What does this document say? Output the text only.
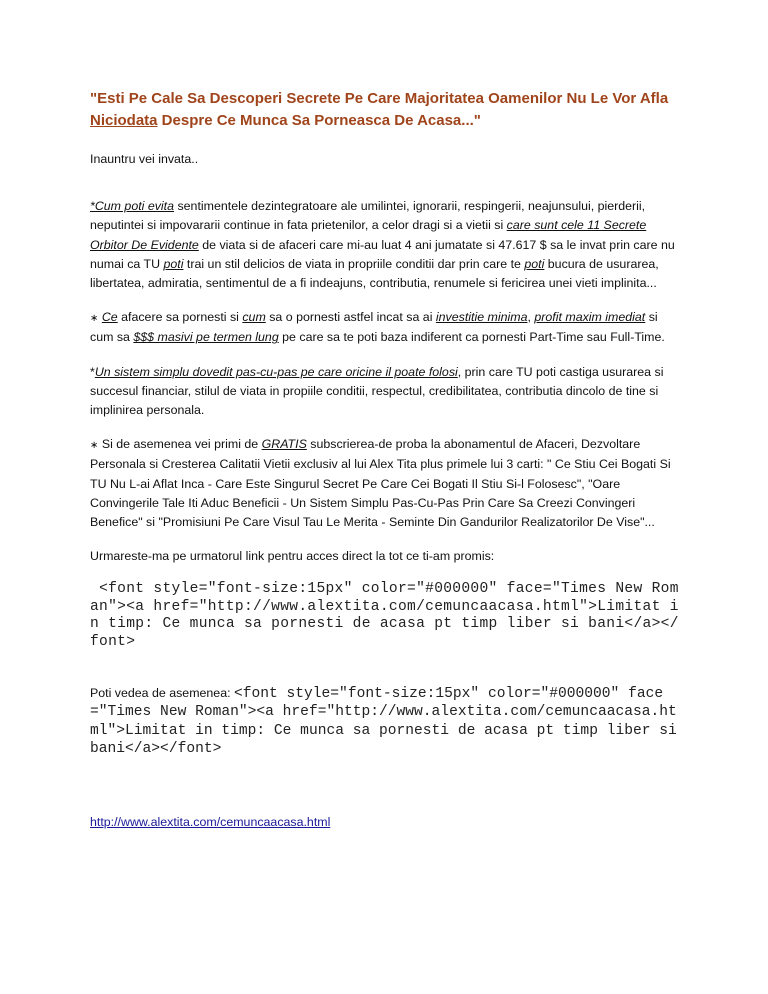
"Esti Pe Cale Sa Descoperi Secrete Pe Care Majoritatea Oamenilor Nu Le Vor Afla Niciodata Despre Ce Munca Sa Porneasca De Acasa..."

Inauntru vei invata..

*Cum poti evita sentimentele dezintegratoare ale umilintei, ignorarii, respingerii, neajunsului, pierderii, neputintei si impovararii continue in fata prietenilor, a celor dragi si a vietii si care sunt cele 11 Secrete Orbitor De Evidente de viata si de afaceri care mi-au luat 4 ani jumatate si 47.617 $ sa le invat prin care nu numai ca TU poti trai un stil delicios de viata in propriile conditii dar prin care te poti bucura de usurarea, libertatea, admiratia, sentimentul de a fi indeajuns, contributia, renumele si fericirea unei vieti implinita...

∗ Ce afacere sa pornesti si cum sa o pornesti astfel incat sa ai investitie minima, profit maxim imediat si cum sa $$$ masivi pe termen lung pe care sa te poti baza indiferent ca pornesti Part-Time sau Full-Time.

*Un sistem simplu dovedit pas-cu-pas pe care oricine il poate folosi, prin care TU poti castiga usurarea si succesul financiar, stilul de viata in propiile conditii, respectul, credibilitatea, contributia dincolo de tine si implinirea personala.

∗ Si de asemenea vei primi de GRATIS subscrierea-de proba la abonamentul de Afaceri, Dezvoltare Personala si Cresterea Calitatii Vietii exclusiv al lui Alex Tita plus primele lui 3 carti: " Ce Stiu Cei Bogati Si TU Nu L-ai Aflat Inca - Care Este Singurul Secret Pe Care Cei Bogati Il Stiu Si-l Folosesc", "Oare Convingerile Tale Iti Aduc Beneficii - Un Sistem Simplu Pas-Cu-Pas Prin Care Sa Creezi Convingeri Benefice" si "Promisiuni Pe Care Visul Tau Le Merita - Seminte Din Gandurilor Realizatorilor De Vise"...

Urmareste-ma pe urmatorul link pentru acces direct la tot ce ti-am promis:

<font style="font-size:15px" color="#000000" face="Times New Roman"><a href="http://www.alextita.com/cemuncaacasa.html">Limitat in timp: Ce munca sa pornesti de acasa pt timp liber si bani</a></font>

Poti vedea de asemenea: <font style="font-size:15px" color="#000000" face="Times New Roman"><a href="http://www.alextita.com/cemuncaacasa.html">Limitat in timp: Ce munca sa pornesti de acasa pt timp liber si bani</a></font>

http://www.alextita.com/cemuncaacasa.html
